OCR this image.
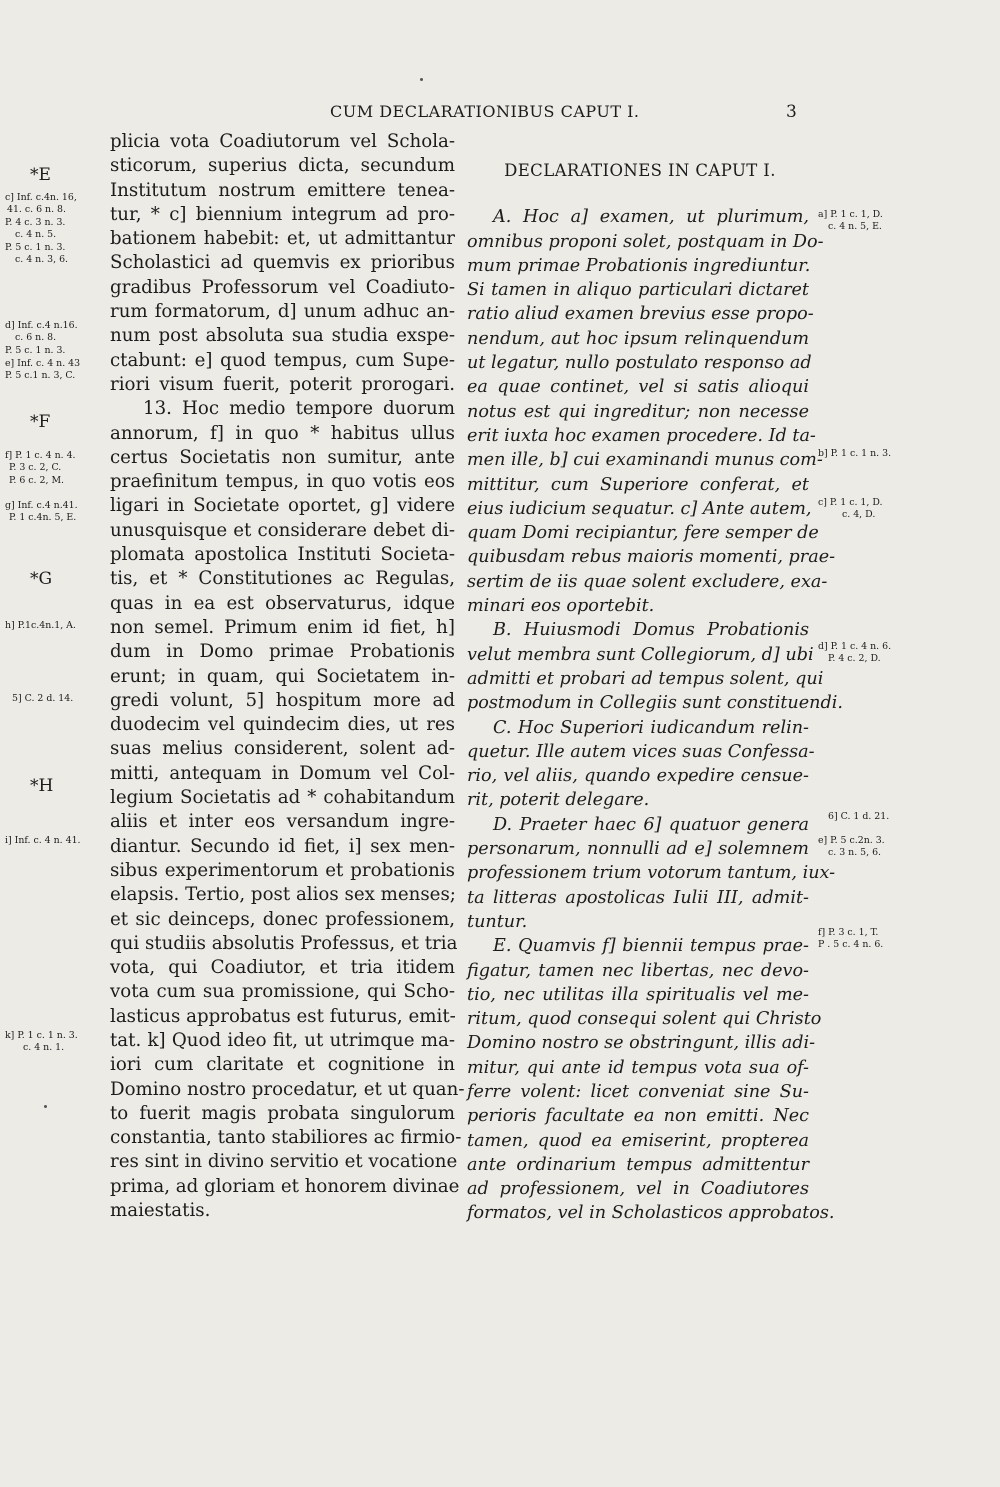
CUM DECLARATIONIBUS CAPUT I.	3
plicia vota Coadiutorum vel Schola-
sticorum, superius dicta, secundum
Institutum nostrum emittere tenea-
tur, * c] biennium integrum ad pro-
bationem habebit: et, ut admittantur
Scholastici ad quemvis ex prioribus
gradibus Professorum vel Coadiuto-
rum formatorum, d] unum adhuc an-
num post absoluta sua studia exspe-
ctabunt: e] quod tempus, cum Supe-
riori visum fuerit, poterit prorogari.
13. Hoc medio tempore duorum
annorum, f] in quo * habitus ullus
certus Societatis non sumitur, ante
praefinitum tempus, in quo votis eos
ligari in Societate oportet, g] videre
unusquisque et considerare debet di-
plomata apostolica Instituti Societa-
tis, et * Constitutiones ac Regulas,
quas in ea est observaturus, idque
non semel. Primum enim id fiet, h]
dum in Domo primae Probationis
erunt; in quam, qui Societatem in-
gredi volunt, 5] hospitum more ad
duodecim vel quindecim dies, ut res
suas melius considerent, solent ad-
mitti, antequam in Domum vel Col-
legium Societatis ad * cohabitandum
aliis et inter eos versandum ingre-
diantur. Secundo id fiet, i] sex men-
sibus experimentorum et probationis
elapsis. Tertio, post alios sex menses;
et sic deinceps, donec professionem,
qui studiis absolutis Professus, et tria
vota, qui Coadiutor, et tria itidem
vota cum sua promissione, qui Scho-
lasticus approbatus est futurus, emit-
tat. k] Quod ideo fit, ut utrimque ma-
iori cum claritate et cognitione in
Domino nostro procedatur, et ut quan-
to fuerit magis probata singulorum
constantia, tanto stabiliores ac firmio-
res sint in divino servitio et vocatione
prima, ad gloriam et honorem divinae
maiestatis.
DECLARATIONES IN CAPUT I.
A. Hoc a] examen, ut plurimum,
omnibus proponi solet, postquam in Do-
mum primae Probationis ingrediuntur.
Si tamen in aliquo particulari dictaret
ratio aliud examen brevius esse propo-
nendum, aut hoc ipsum relinquendum
ut legatur, nullo postulato responso ad
ea quae continet, vel si satis alioqui
notus est qui ingreditur; non necesse
erit iuxta hoc examen procedere. Id ta-
men ille, b] cui examinandi munus com-
mittitur, cum Superiore conferat, et
eius iudicium sequatur. c] Ante autem,
quam Domi recipiantur, fere semper de
quibusdam rebus maioris momenti, prae-
sertim de iis quae solent excludere, exa-
minari eos oportebit.
B. Huiusmodi Domus Probationis
velut membra sunt Collegiorum, d] ubi
admitti et probari ad tempus solent, qui
postmodum in Collegiis sunt constituendi.
C. Hoc Superiori iudicandum relin-
quetur. Ille autem vices suas Confessa-
rio, vel aliis, quando expedire censue-
rit, poterit delegare.
D. Praeter haec 6] quatuor genera
personarum, nonnulli ad e] solemnem
professionem trium votorum tantum, iux-
ta litteras apostolicas Iulii III, admit-
tuntur.
E. Quamvis f] biennii tempus prae-
figatur, tamen nec libertas, nec devo-
tio, nec utilitas illa spiritualis vel me-
ritum, quod consequi solent qui Christo
Domino nostro se obstringunt, illis adi-
mitur, qui ante id tempus vota sua of-
ferre volent: licet conveniat sine Su-
perioris facultate ea non emitti. Nec
tamen, quod ea emiserint, propterea
ante ordinarium tempus admittentur
ad professionem, vel in Coadiutores
formatos, vel in Scholasticos approbatos.
*E
*F
*G
*H
c] Inf. c.4n. 16,
41. c. 6 n. 8.
P. 4 c. 3 n. 3.
c. 4 n. 5.
P. 5 c. 1 n. 3.
c. 4 n. 3, 6.
d] Inf. c.4 n.16.
c. 6 n. 8.
P. 5 c. 1 n. 3.
e] Inf. c. 4 n. 43
P. 5 c.1 n. 3, C.
f] P. 1 c. 4 n. 4.
P. 3 c. 2, C.
P. 6 c. 2, M.
g] Inf. c.4 n.41.
P. 1 c.4n. 5, E.
h] P.1c.4n.1, A.
5] C. 2 d. 14.
i] Inf. c. 4 n. 41.
k] P. 1 c. 1 n. 3.
c. 4 n. 1.
a] P. 1 c. 1, D.
c. 4 n. 5, E.
b] P. 1 c. 1 n. 3.
c] P. 1 c. 1, D.
c. 4, D.
d] P. 1 c. 4 n. 6.
P. 4 c. 2, D.
6] C. 1 d. 21.
e] P. 5 c.2n. 3.
c. 3 n. 5, 6.
f] P. 3 c. 1, T.
P . 5 c. 4 n. 6.
